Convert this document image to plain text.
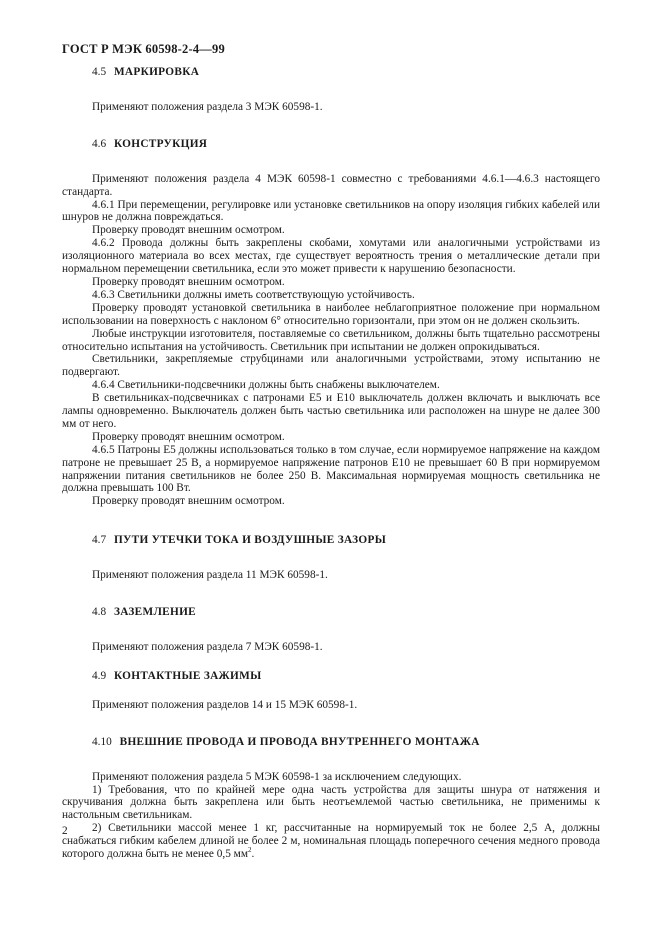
ГОСТ Р МЭК 60598-2-4—99
4.5 МАРКИРОВКА

Применяют положения раздела 3 МЭК 60598-1.

4.6 КОНСТРУКЦИЯ

Применяют положения раздела 4 МЭК 60598-1 совместно с требованиями 4.6.1—4.6.3 настоящего стандарта.

4.6.1 При перемещении, регулировке или установке светильников на опору изоляция гибких кабелей или шнуров не должна повреждаться.

Проверку проводят внешним осмотром.

4.6.2 Провода должны быть закреплены скобами, хомутами или аналогичными устройствами из изоляционного материала во всех местах, где существует вероятность трения о металлические детали при нормальном перемещении светильника, если это может привести к нарушению безопасности.

Проверку проводят внешним осмотром.

4.6.3 Светильники должны иметь соответствующую устойчивость.

Проверку проводят установкой светильника в наиболее неблагоприятное положение при нормальном использовании на поверхность с наклоном 6° относительно горизонтали, при этом он не должен скользить.

Любые инструкции изготовителя, поставляемые со светильником, должны быть тщательно рассмотрены относительно испытания на устойчивость. Светильник при испытании не должен опрокидываться.

Светильники, закрепляемые струбцинами или аналогичными устройствами, этому испытанию не подвергают.

4.6.4 Светильники-подсвечники должны быть снабжены выключателем.

В светильниках-подсвечниках с патронами Е5 и Е10 выключатель должен включать и выключать все лампы одновременно. Выключатель должен быть частью светильника или расположен на шнуре не далее 300 мм от него.

Проверку проводят внешним осмотром.

4.6.5 Патроны Е5 должны использоваться только в том случае, если нормируемое напряжение на каждом патроне не превышает 25 В, а нормируемое напряжение патронов Е10 не превышает 60 В при нормируемом напряжении питания светильников не более 250 В. Максимальная нормируемая мощность светильника не должна превышать 100 Вт.

Проверку проводят внешним осмотром.

4.7 ПУТИ УТЕЧКИ ТОКА И ВОЗДУШНЫЕ ЗАЗОРЫ

Применяют положения раздела 11 МЭК 60598-1.

4.8 ЗАЗЕМЛЕНИЕ

Применяют положения раздела 7 МЭК 60598-1.

4.9 КОНТАКТНЫЕ ЗАЖИМЫ

Применяют положения разделов 14 и 15 МЭК 60598-1.

4.10 ВНЕШНИЕ ПРОВОДА И ПРОВОДА ВНУТРЕННЕГО МОНТАЖА

Применяют положения раздела 5 МЭК 60598-1 за исключением следующих.

1) Требования, что по крайней мере одна часть устройства для защиты шнура от натяжения и скручивания должна быть закреплена или быть неотъемлемой частью светильника, не применимы к настольным светильникам.

2) Светильники массой менее 1 кг, рассчитанные на нормируемый ток не более 2,5 А, должны снабжаться гибким кабелем длиной не более 2 м, номинальная площадь поперечного сечения медного провода которого должна быть не менее 0,5 $мм^2$.

2
